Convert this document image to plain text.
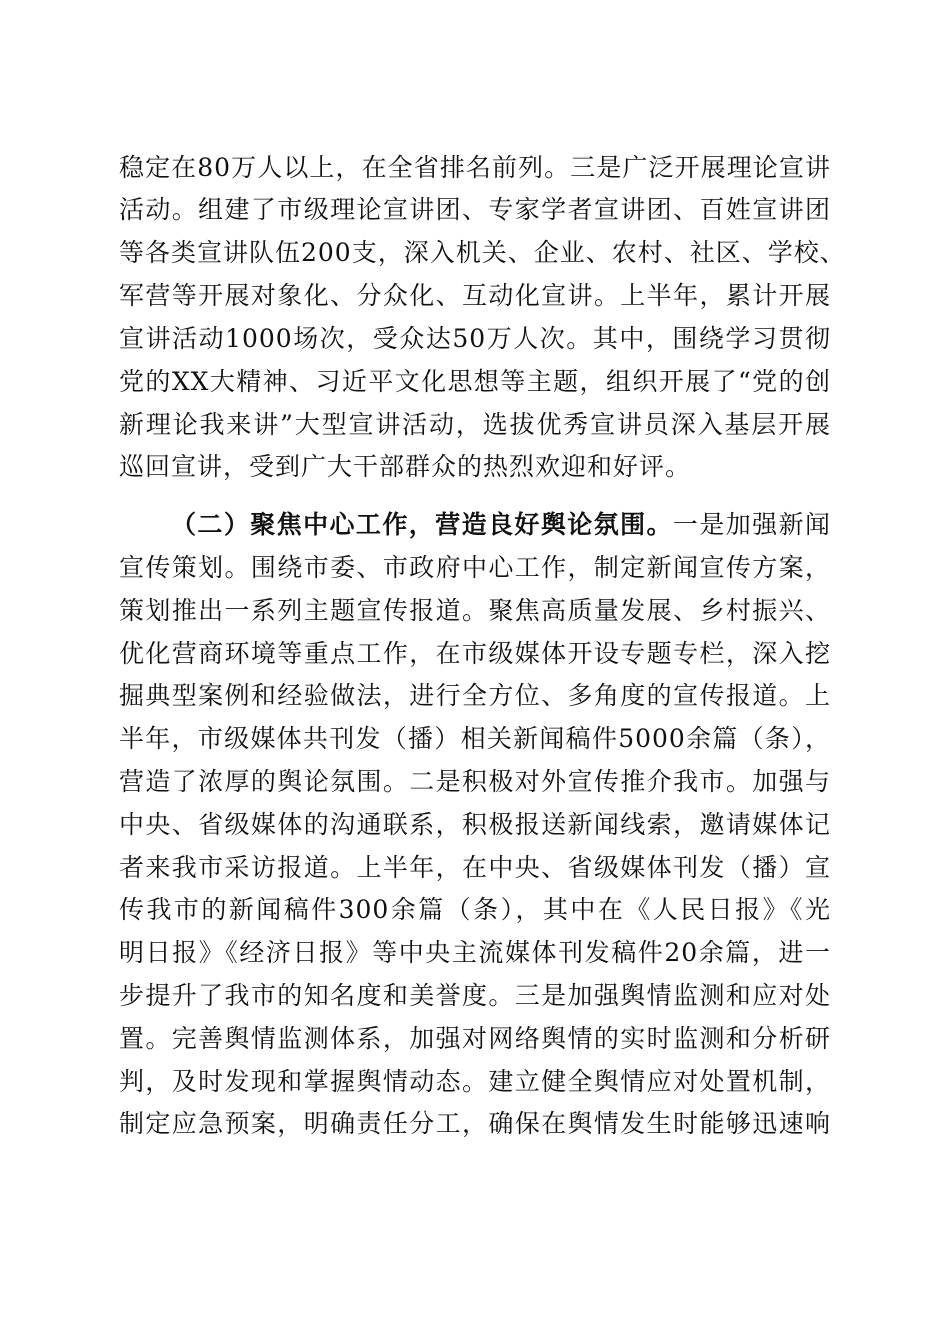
稳定在80万人以上，在全省排名前列。三是广泛开展理论宣讲
活动。组建了市级理论宣讲团、专家学者宣讲团、百姓宣讲团
等各类宣讲队伍200支，深入机关、企业、农村、社区、学校、
军营等开展对象化、分众化、互动化宣讲。上半年，累计开展
宣讲活动1000场次，受众达50万人次。其中，围绕学习贯彻
党的XX大精神、习近平文化思想等主题，组织开展了“党的创
新理论我来讲”大型宣讲活动，选拔优秀宣讲员深入基层开展
巡回宣讲，受到广大干部群众的热烈欢迎和好评。
（二）聚焦中心工作，营造良好舆论氛围。一是加强新闻
宣传策划。围绕市委、市政府中心工作，制定新闻宣传方案，
策划推出一系列主题宣传报道。聚焦高质量发展、乡村振兴、
优化营商环境等重点工作，在市级媒体开设专题专栏，深入挖
掘典型案例和经验做法，进行全方位、多角度的宣传报道。上
半年，市级媒体共刊发（播）相关新闻稿件5000余篇（条），
营造了浓厚的舆论氛围。二是积极对外宣传推介我市。加强与
中央、省级媒体的沟通联系，积极报送新闻线索，邀请媒体记
者来我市采访报道。上半年，在中央、省级媒体刊发（播）宣
传我市的新闻稿件300余篇（条），其中在《人民日报》《光
明日报》《经济日报》等中央主流媒体刊发稿件20余篇，进一
步提升了我市的知名度和美誉度。三是加强舆情监测和应对处
置。完善舆情监测体系，加强对网络舆情的实时监测和分析研
判，及时发现和掌握舆情动态。建立健全舆情应对处置机制，
制定应急预案，明确责任分工，确保在舆情发生时能够迅速响
